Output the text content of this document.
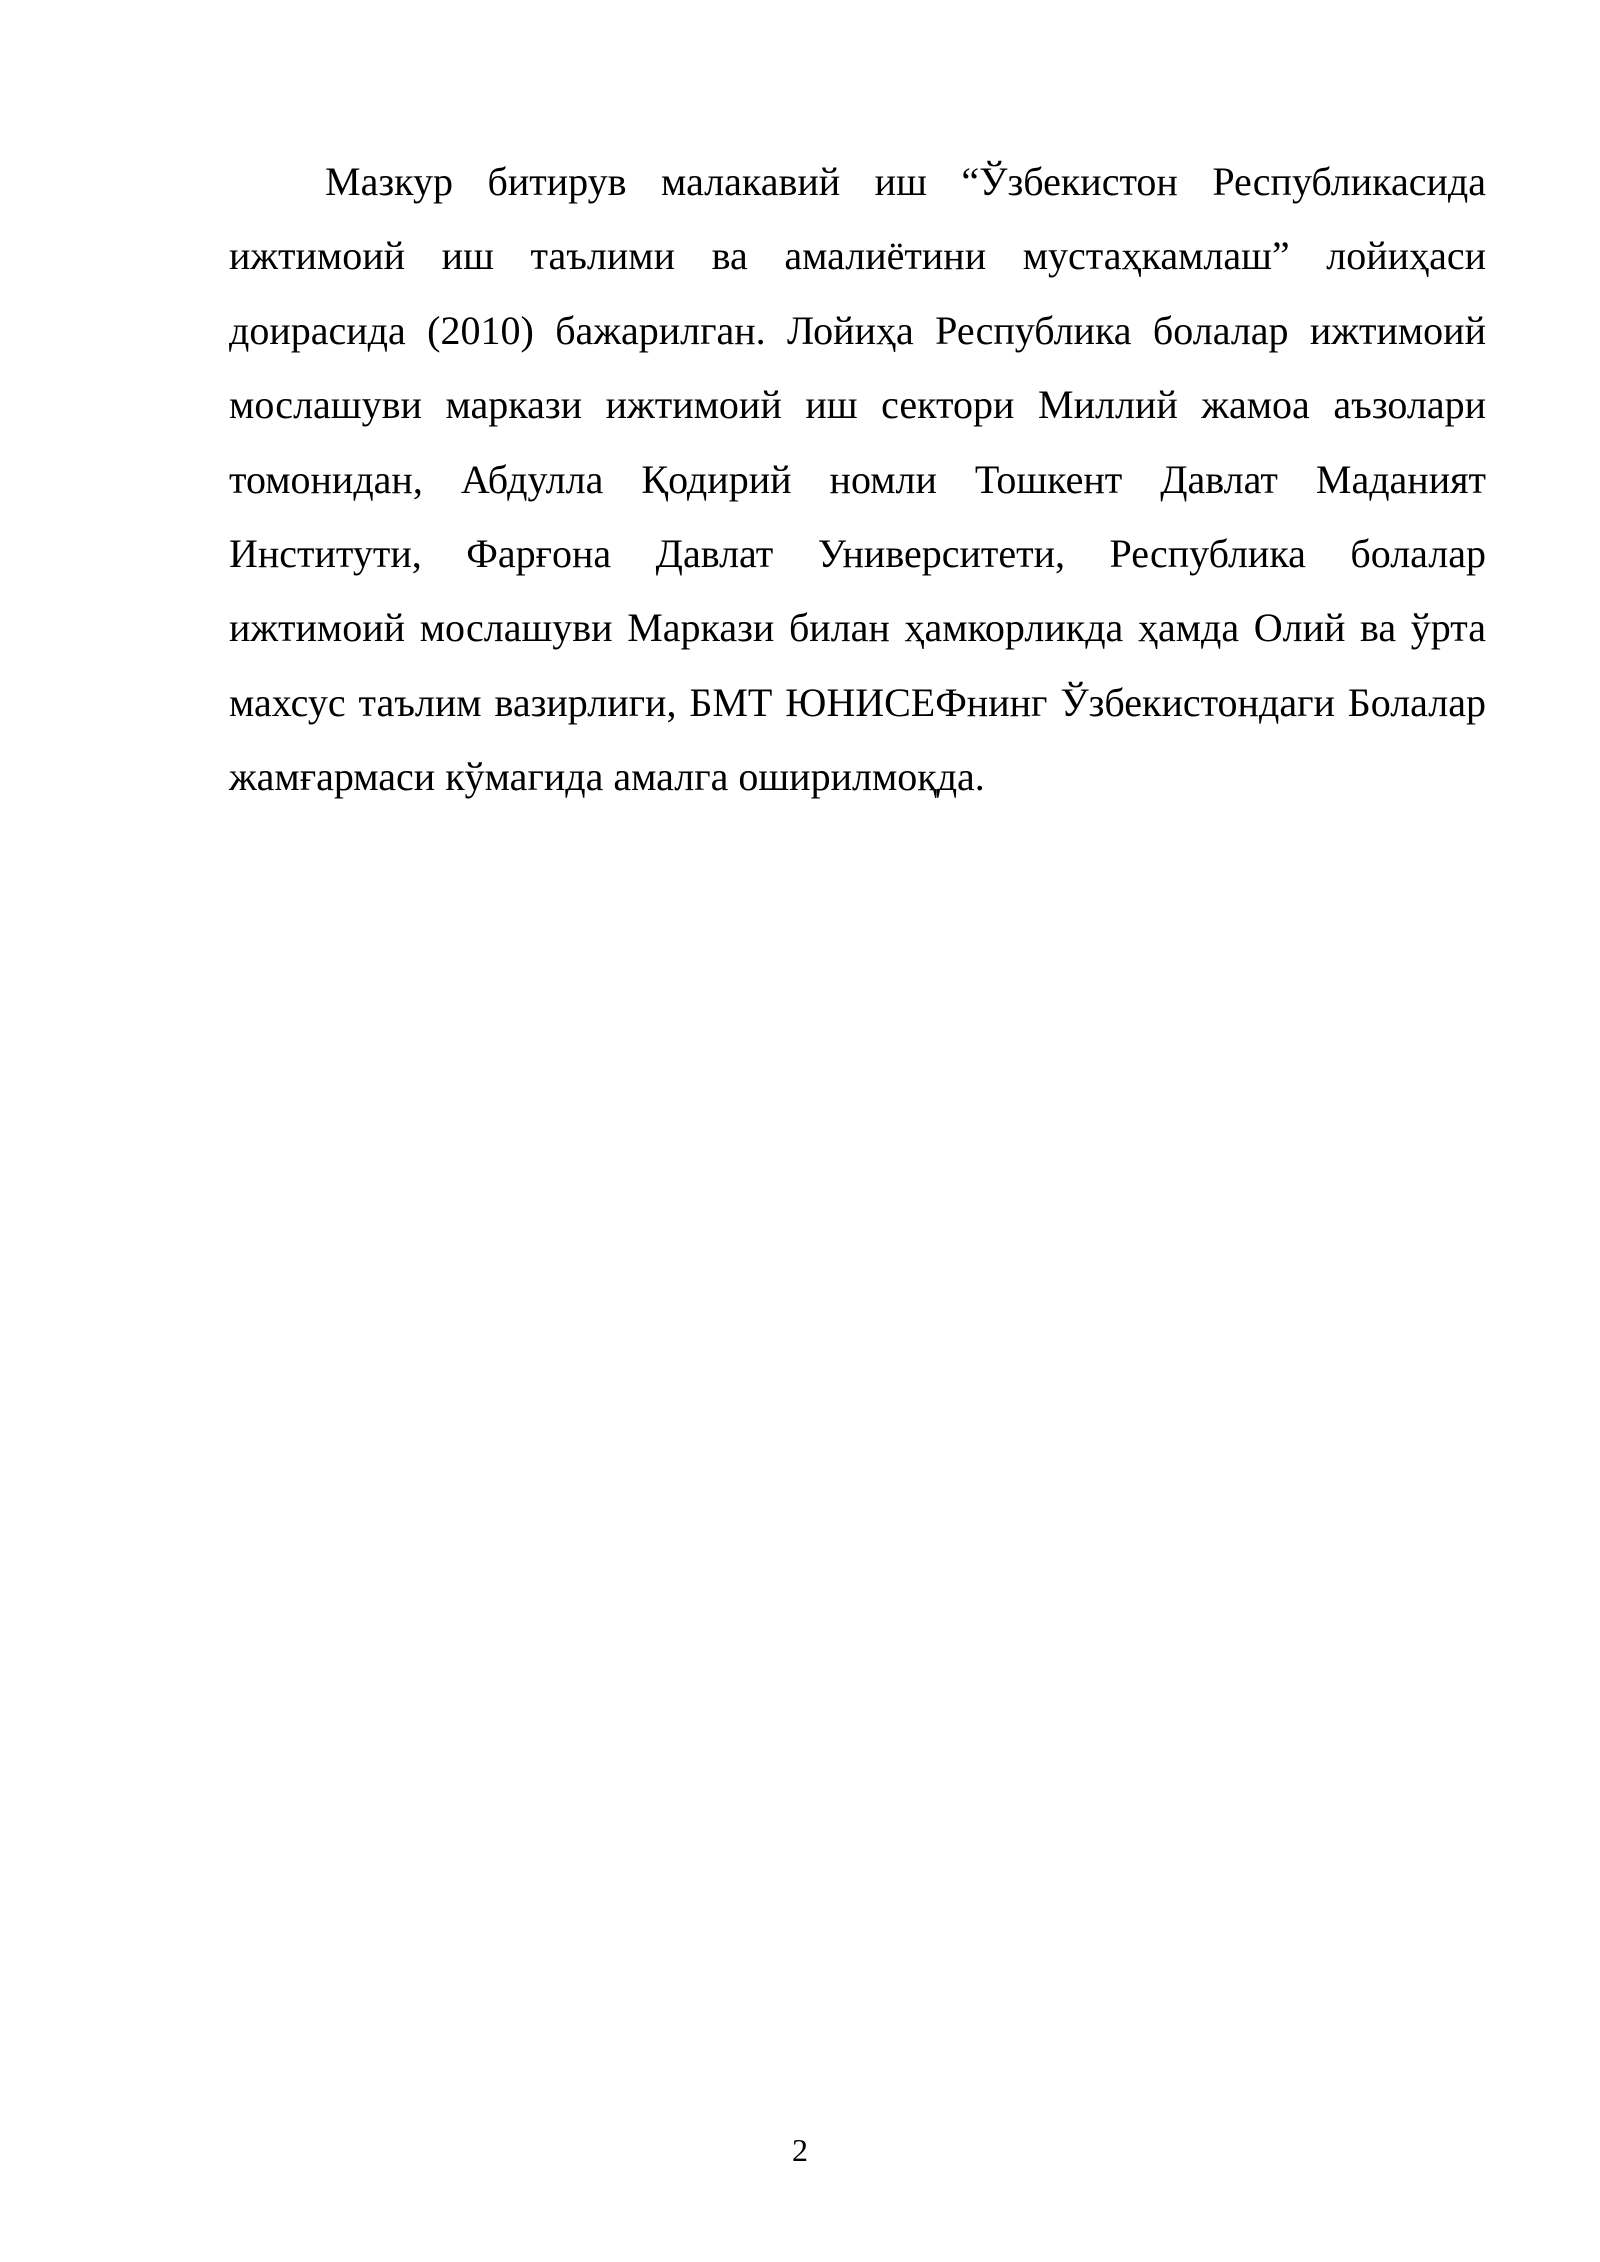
Мазкур битирув малакавий иш “Ўзбекистон Республикасида ижтимоий иш таълими ва амалиётини мустаҳкамлаш” лойиҳаси доирасида (2010) бажарилган. Лойиҳа Республика болалар ижтимоий мослашуви маркази ижтимоий иш сектори Миллий жамоа аъзолари томонидан, Абдулла Қодирий номли Тошкент Давлат Маданият Институти, Фарғона Давлат Университети, Республика болалар ижтимоий мослашуви Маркази билан ҳамкорликда ҳамда Олий ва ўрта махсус таълим вазирлиги, БМТ ЮНИСЕФнинг Ўзбекистондаги Болалар жамғармаси кўмагида амалга оширилмоқда.

2
